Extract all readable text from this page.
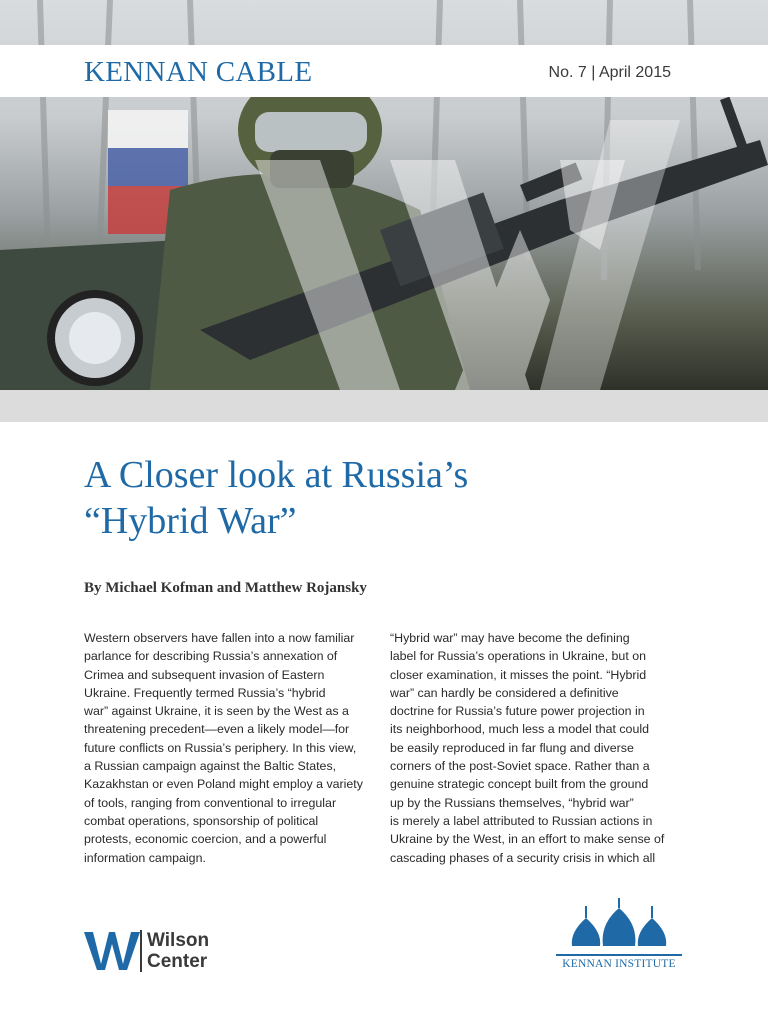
KENNAN CABLE	No. 7 | April 2015
A Closer look at Russia’s
“Hybrid War”
By Michael Kofman and Matthew Rojansky
Western observers have fallen into a now familiar
parlance for describing Russia’s annexation of
Crimea and subsequent invasion of Eastern
Ukraine. Frequently termed Russia’s “hybrid
war” against Ukraine, it is seen by the West as a
threatening precedent—even a likely model—for
future conflicts on Russia’s periphery. In this view,
a Russian campaign against the Baltic States,
Kazakhstan or even Poland might employ a variety
of tools, ranging from conventional to irregular
combat operations, sponsorship of political
protests, economic coercion, and a powerful
information campaign.
“Hybrid war” may have become the defining
label for Russia’s operations in Ukraine, but on
closer examination, it misses the point. “Hybrid
war” can hardly be considered a definitive
doctrine for Russia’s future power projection in
its neighborhood, much less a model that could
be easily reproduced in far flung and diverse
corners of the post-Soviet space. Rather than a
genuine strategic concept built from the ground
up by the Russians themselves, “hybrid war”
is merely a label attributed to Russian actions in
Ukraine by the West, in an effort to make sense of
cascading phases of a security crisis in which all
Wilson
Center	KENNAN INSTITUTE
